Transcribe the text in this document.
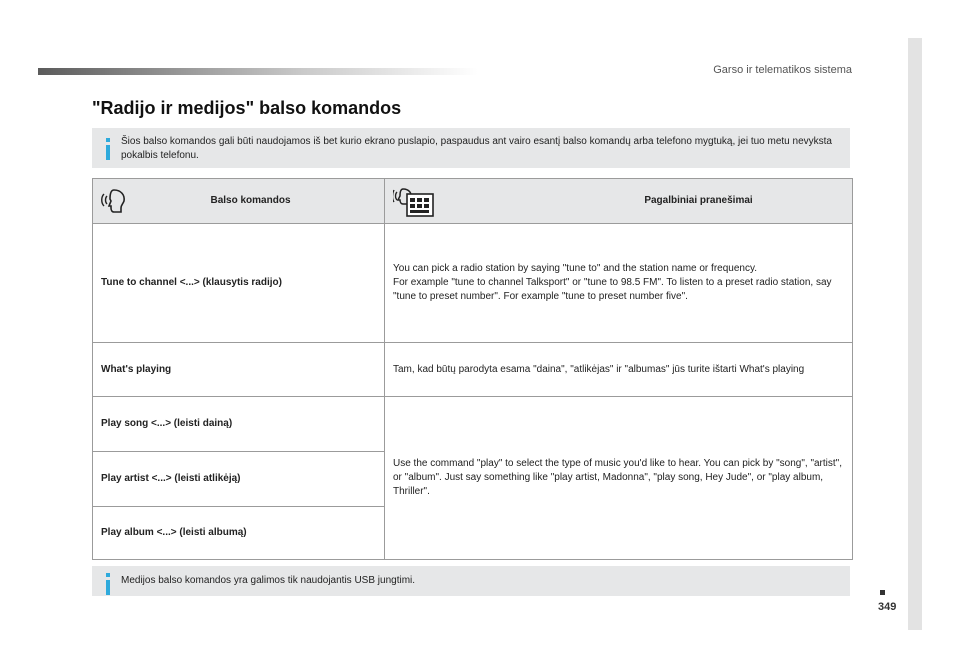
Garso ir telematikos sistema
349
"Radijo ir medijos" balso komandos
Šios balso komandos gali būti naudojamos iš bet kurio ekrano puslapio, paspaudus ant vairo esantį balso komandų arba telefono mygtuką, jei tuo metu nevyksta pokalbis telefonu.
Balso komandos	Pagalbiniai pranešimai

Tune to channel <...> (klausytis radijo)	You can pick a radio station by saying "tune to" and the station name or frequency.
For example "tune to channel Talksport" or "tune to 98.5 FM". To listen to a preset radio station, say "tune to preset number". For example "tune to preset number five".

What's playing	Tam, kad būtų parodyta esama "daina", "atlikėjas" ir "albumas" jūs turite ištarti What's playing
Play song <...> (leisti dainą)	Use the command "play" to select the type of music you'd like to hear. You can pick by "song", "artist", or "album". Just say something like "play artist, Madonna", "play song, Hey Jude", or "play album, Thriller".
Play artist <...> (leisti atlikėją)	
Play album <...> (leisti albumą)	
Medijos balso komandos yra galimos tik naudojantis USB jungtimi.
